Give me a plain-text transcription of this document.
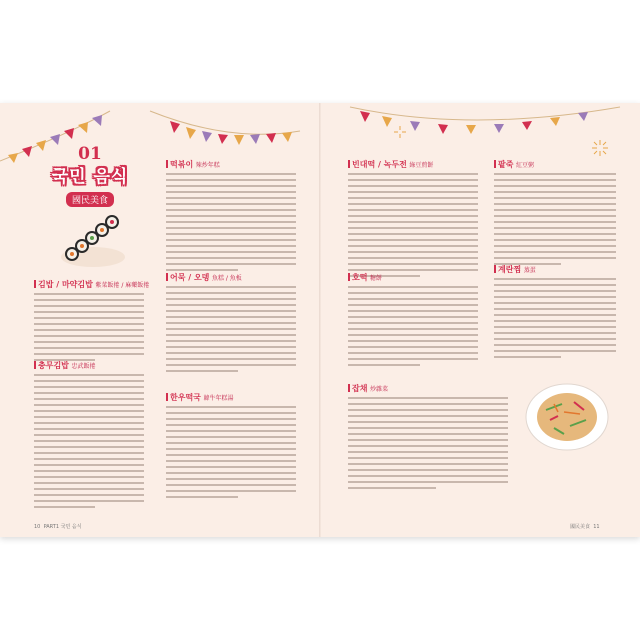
01
국민 음식
國民美食
김밥 / 마약김밥 紫菜飯捲 / 麻藥飯捲
충무김밥 忠武飯捲
떡볶이 辣炒年糕
어묵 / 오뎅 魚糕 / 魚板
한우떡국 韓牛年糕湯
빈대떡 / 녹두전 綠豆煎餅
호떡 糖餅
잡채 炒雜菜
팥죽 紅豆粥
계란찜 蒸蛋
10 PART1 국민 음식	國民美食 11
